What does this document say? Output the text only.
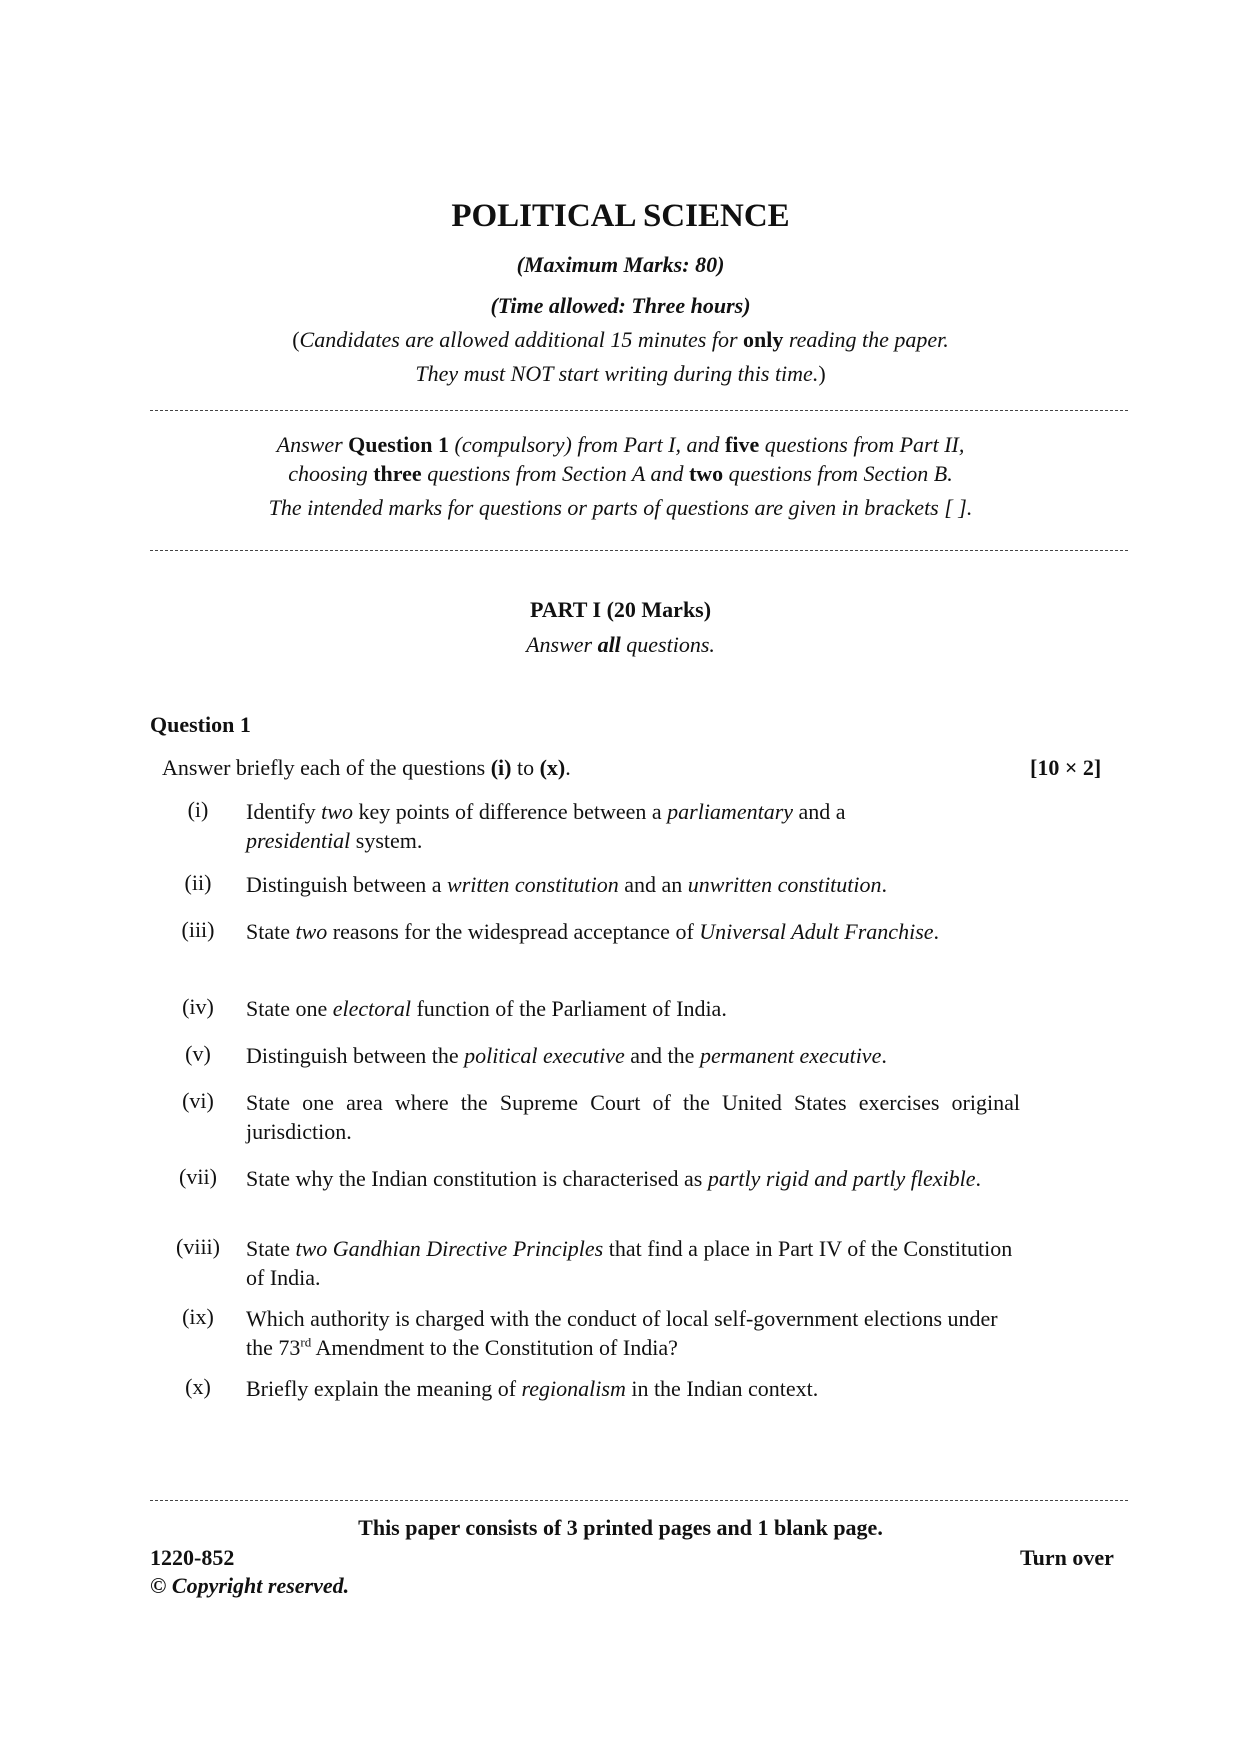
POLITICAL SCIENCE
(Maximum Marks: 80)
(Time allowed: Three hours)
(Candidates are allowed additional 15 minutes for only reading the paper.
They must NOT start writing during this time.)
Answer Question 1 (compulsory) from Part I, and five questions from Part II,
choosing three questions from Section A and two questions from Section B.
The intended marks for questions or parts of questions are given in brackets [ ].
PART I (20 Marks)
Answer all questions.
Question 1
Answer briefly each of the questions (i) to (x).	[10 × 2]
(i)	Identify two key points of difference between a parliamentary and a
presidential system.
(ii)	Distinguish between a written constitution and an unwritten constitution.
(iii)	State two reasons for the widespread acceptance of Universal Adult Franchise.
(iv)	State one electoral function of the Parliament of India.
(v)	Distinguish between the political executive and the permanent executive.
(vi)	State one area where the Supreme Court of the United States exercises original jurisdiction.
(vii)	State why the Indian constitution is characterised as partly rigid and partly flexible.
(viii)	State two Gandhian Directive Principles that find a place in Part IV of the Constitution of India.
(ix)	Which authority is charged with the conduct of local self-government elections under the 73rd Amendment to the Constitution of India?
(x)	Briefly explain the meaning of regionalism in the Indian context.
This paper consists of 3 printed pages and 1 blank page.
1220-852	Turn over
© Copyright reserved.
